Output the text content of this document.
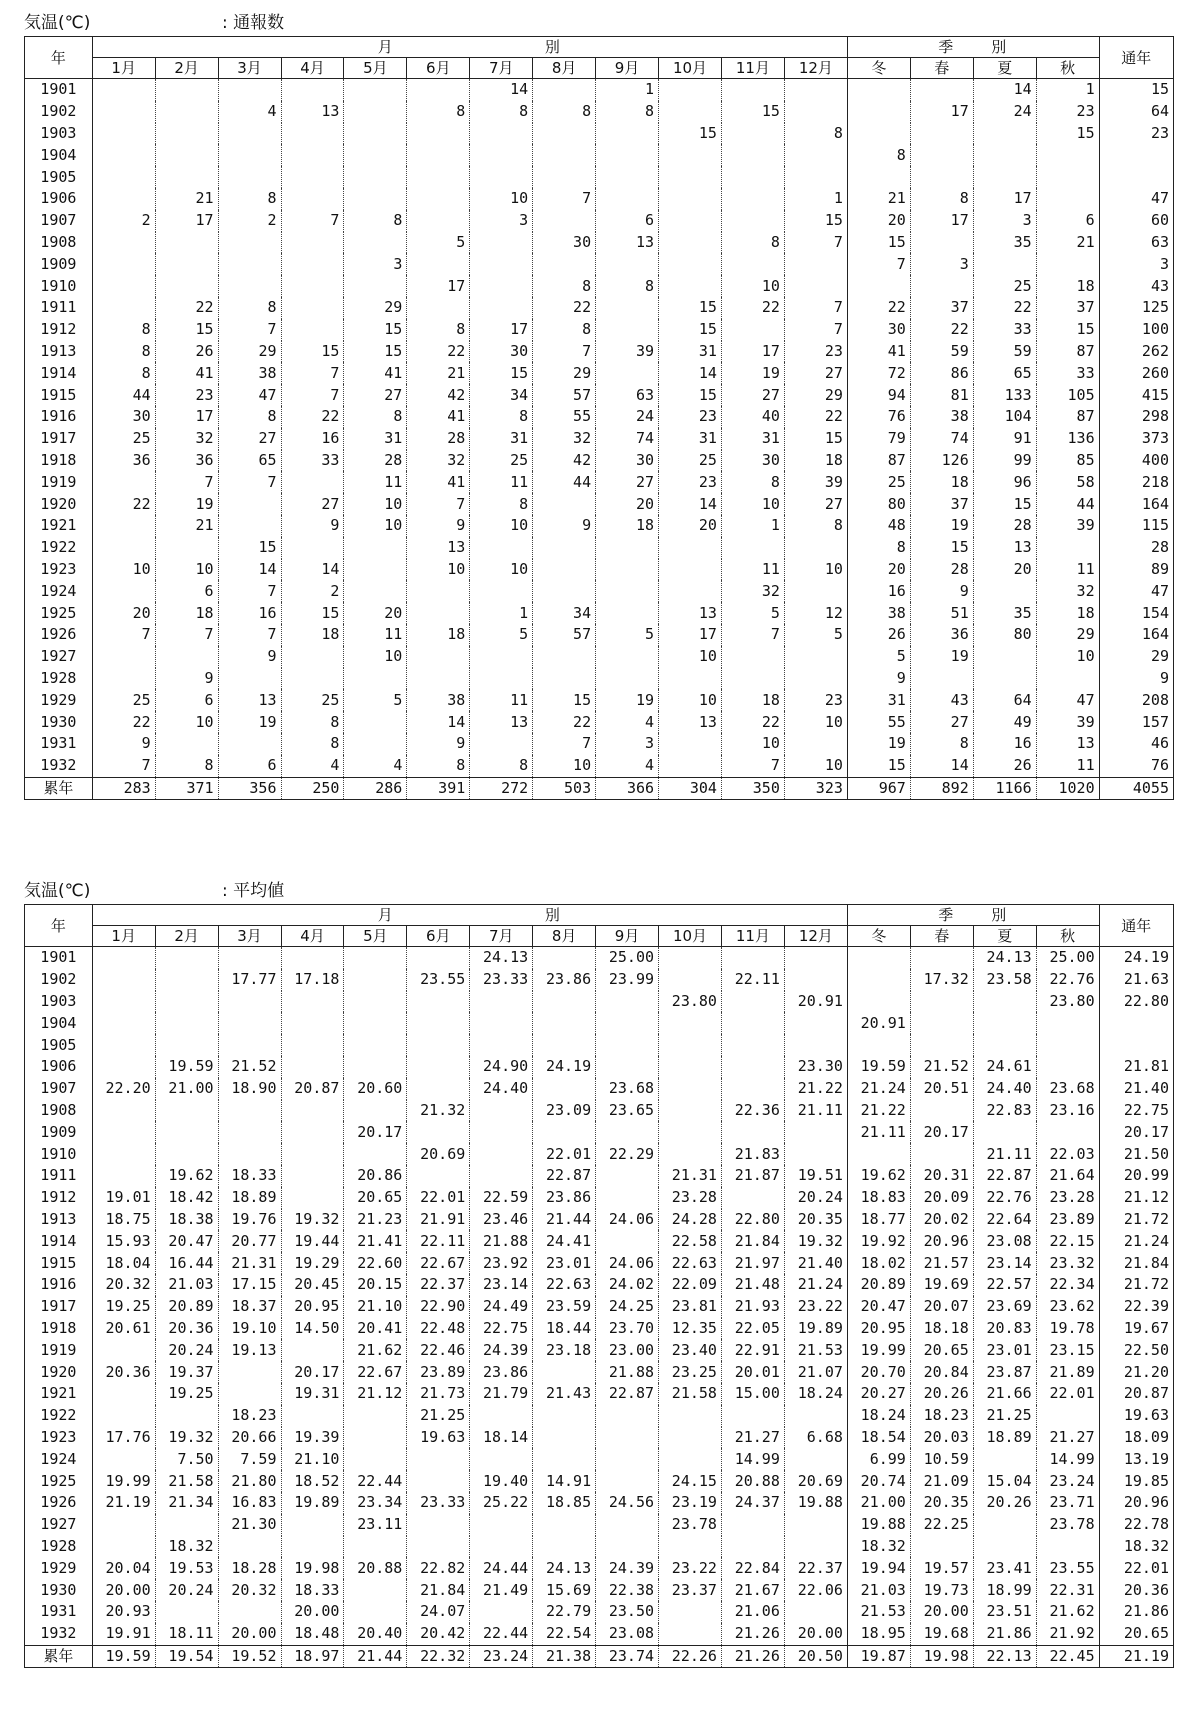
気温(℃)	: 通報数
年	月 別												季 別				通年
	1月	2月	3月	4月	5月	6月	7月	8月	9月	10月	11月	12月	冬	春	夏	秋	
1901							14		1						14	1	15
1902			4	13		8	8	8	8		15			17	24	23	64
1903										15		8				15	23
1904													8				
1905																	
1906		21	8				10	7				1	21	8	17		47
1907	2	17	2	7	8		3		6			15	20	17	3	6	60
1908						5		30	13		8	7	15		35	21	63
1909					3								7	3			3
1910						17		8	8		10				25	18	43
1911		22	8		29			22		15	22	7	22	37	22	37	125
1912	8	15	7		15	8	17	8		15		7	30	22	33	15	100
1913	8	26	29	15	15	22	30	7	39	31	17	23	41	59	59	87	262
1914	8	41	38	7	41	21	15	29		14	19	27	72	86	65	33	260
1915	44	23	47	7	27	42	34	57	63	15	27	29	94	81	133	105	415
1916	30	17	8	22	8	41	8	55	24	23	40	22	76	38	104	87	298
1917	25	32	27	16	31	28	31	32	74	31	31	15	79	74	91	136	373
1918	36	36	65	33	28	32	25	42	30	25	30	18	87	126	99	85	400
1919		7	7		11	41	11	44	27	23	8	39	25	18	96	58	218
1920	22	19		27	10	7	8		20	14	10	27	80	37	15	44	164
1921		21		9	10	9	10	9	18	20	1	8	48	19	28	39	115
1922			15			13							8	15	13		28
1923	10	10	14	14		10	10				11	10	20	28	20	11	89
1924		6	7	2							32		16	9		32	47
1925	20	18	16	15	20		1	34		13	5	12	38	51	35	18	154
1926	7	7	7	18	11	18	5	57	5	17	7	5	26	36	80	29	164
1927			9		10					10			5	19		10	29
1928		9											9				9
1929	25	6	13	25	5	38	11	15	19	10	18	23	31	43	64	47	208
1930	22	10	19	8		14	13	22	4	13	22	10	55	27	49	39	157
1931	9			8		9		7	3		10		19	8	16	13	46
1932	7	8	6	4	4	8	8	10	4		7	10	15	14	26	11	76
累年	283	371	356	250	286	391	272	503	366	304	350	323	967	892	1166	1020	4055
気温(℃)	: 平均値
年	月 別												季 別				通年
	1月	2月	3月	4月	5月	6月	7月	8月	9月	10月	11月	12月	冬	春	夏	秋	
1901							24.13		25.00						24.13	25.00	24.19
1902			17.77	17.18		23.55	23.33	23.86	23.99		22.11			17.32	23.58	22.76	21.63
1903										23.80		20.91				23.80	22.80
1904													20.91				
1905																	
1906		19.59	21.52				24.90	24.19				23.30	19.59	21.52	24.61		21.81
1907	22.20	21.00	18.90	20.87	20.60		24.40		23.68			21.22	21.24	20.51	24.40	23.68	21.40
1908						21.32		23.09	23.65		22.36	21.11	21.22		22.83	23.16	22.75
1909					20.17								21.11	20.17			20.17
1910						20.69		22.01	22.29		21.83				21.11	22.03	21.50
1911		19.62	18.33		20.86			22.87		21.31	21.87	19.51	19.62	20.31	22.87	21.64	20.99
1912	19.01	18.42	18.89		20.65	22.01	22.59	23.86		23.28		20.24	18.83	20.09	22.76	23.28	21.12
1913	18.75	18.38	19.76	19.32	21.23	21.91	23.46	21.44	24.06	24.28	22.80	20.35	18.77	20.02	22.64	23.89	21.72
1914	15.93	20.47	20.77	19.44	21.41	22.11	21.88	24.41		22.58	21.84	19.32	19.92	20.96	23.08	22.15	21.24
1915	18.04	16.44	21.31	19.29	22.60	22.67	23.92	23.01	24.06	22.63	21.97	21.40	18.02	21.57	23.14	23.32	21.84
1916	20.32	21.03	17.15	20.45	20.15	22.37	23.14	22.63	24.02	22.09	21.48	21.24	20.89	19.69	22.57	22.34	21.72
1917	19.25	20.89	18.37	20.95	21.10	22.90	24.49	23.59	24.25	23.81	21.93	23.22	20.47	20.07	23.69	23.62	22.39
1918	20.61	20.36	19.10	14.50	20.41	22.48	22.75	18.44	23.70	12.35	22.05	19.89	20.95	18.18	20.83	19.78	19.67
1919		20.24	19.13		21.62	22.46	24.39	23.18	23.00	23.40	22.91	21.53	19.99	20.65	23.01	23.15	22.50
1920	20.36	19.37		20.17	22.67	23.89	23.86		21.88	23.25	20.01	21.07	20.70	20.84	23.87	21.89	21.20
1921		19.25		19.31	21.12	21.73	21.79	21.43	22.87	21.58	15.00	18.24	20.27	20.26	21.66	22.01	20.87
1922			18.23			21.25							18.24	18.23	21.25		19.63
1923	17.76	19.32	20.66	19.39		19.63	18.14				21.27	6.68	18.54	20.03	18.89	21.27	18.09
1924		7.50	7.59	21.10							14.99		6.99	10.59		14.99	13.19
1925	19.99	21.58	21.80	18.52	22.44		19.40	14.91		24.15	20.88	20.69	20.74	21.09	15.04	23.24	19.85
1926	21.19	21.34	16.83	19.89	23.34	23.33	25.22	18.85	24.56	23.19	24.37	19.88	21.00	20.35	20.26	23.71	20.96
1927			21.30		23.11					23.78			19.88	22.25		23.78	22.78
1928		18.32											18.32				18.32
1929	20.04	19.53	18.28	19.98	20.88	22.82	24.44	24.13	24.39	23.22	22.84	22.37	19.94	19.57	23.41	23.55	22.01
1930	20.00	20.24	20.32	18.33		21.84	21.49	15.69	22.38	23.37	21.67	22.06	21.03	19.73	18.99	22.31	20.36
1931	20.93			20.00		24.07		22.79	23.50		21.06		21.53	20.00	23.51	21.62	21.86
1932	19.91	18.11	20.00	18.48	20.40	20.42	22.44	22.54	23.08		21.26	20.00	18.95	19.68	21.86	21.92	20.65
累年	19.59	19.54	19.52	18.97	21.44	22.32	23.24	21.38	23.74	22.26	21.26	20.50	19.87	19.98	22.13	22.45	21.19
